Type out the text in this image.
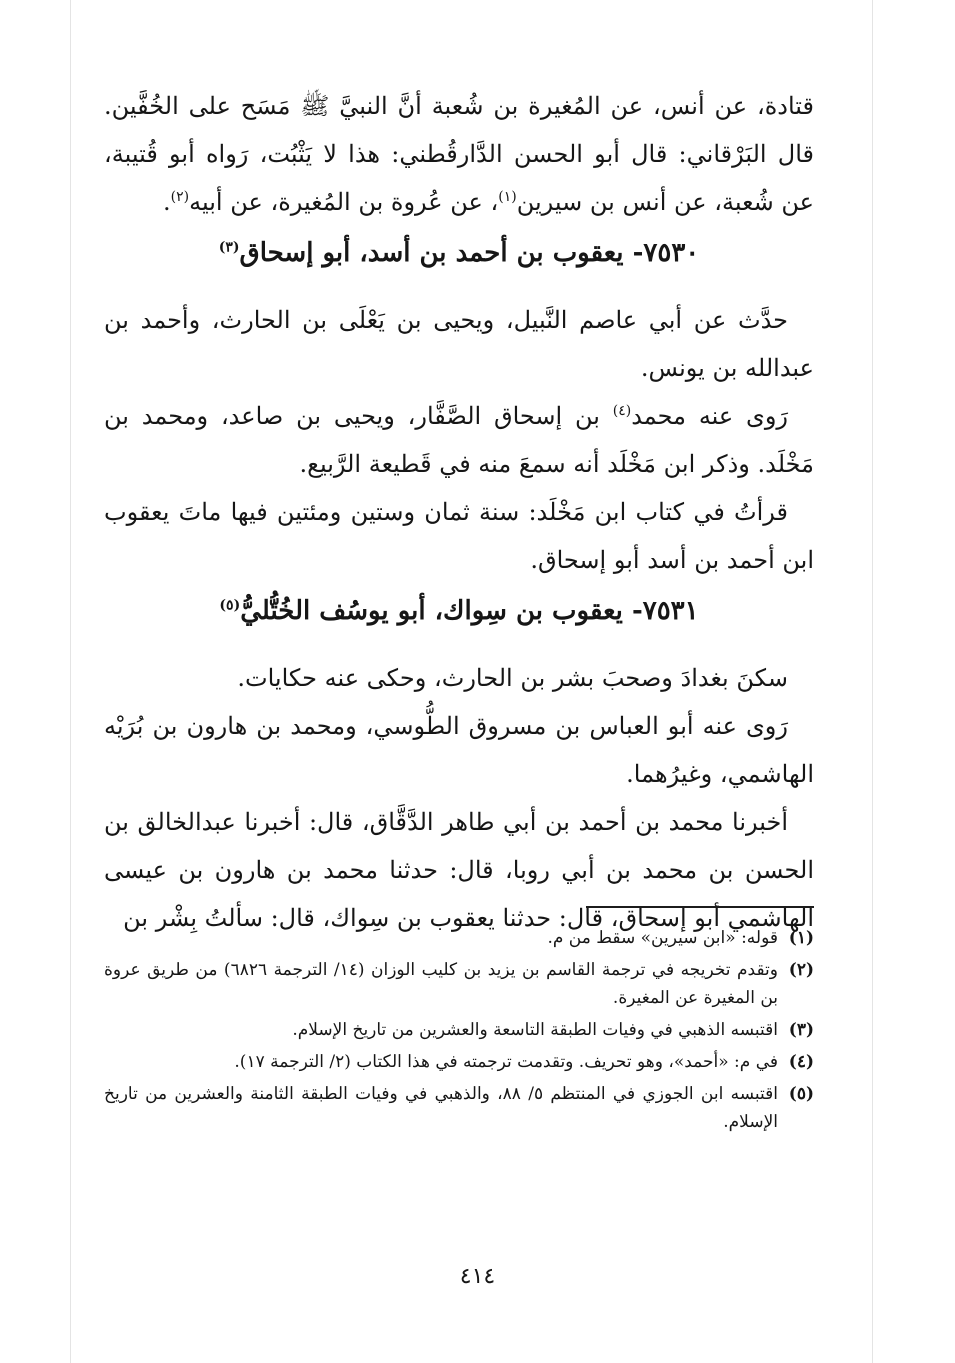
قتادة، عن أنس، عن المُغيرة بن شُعبة أنَّ النبيَّ ﷺ مَسَح على الخُفَّين. قال البَرْقاني: قال أبو الحسن الدَّارقُطني: هذا لا يَثْبُت، رَواه أبو قُتيبة، عن شُعبة، عن أنس بن سيرين$^{(١)}$، عن عُروة بن المُغيرة، عن أبيه$^{(٢)}$.

٧٥٣٠- يعقوب بن أحمد بن أسد، أبو إسحاق$^{(٣)}$

حدَّث عن أبي عاصم النَّبيل، ويحيى بن يَعْلَى بن الحارث، وأحمد بن عبدالله بن يونس.

رَوى عنه محمد$^{(٤)}$ بن إسحاق الصَّفَّار، ويحيى بن صاعد، ومحمد بن مَخْلَد. وذكر ابن مَخْلَد أنه سمعَ منه في قَطيعة الرَّبيع.

قرأتُ في كتاب ابن مَخْلَد: سنة ثمان وستين ومئتين فيها ماتَ يعقوب ابن أحمد بن أسد أبو إسحاق.

٧٥٣١- يعقوب بن سِواك، أبو يوسُف الخُتُّليُّ$^{(٥)}$

سكنَ بغدادَ وصحبَ بشر بن الحارث، وحكى عنه حكايات.

رَوى عنه أبو العباس بن مسروق الطُّوسي، ومحمد بن هارون بن بُرَيْه الهاشمي، وغيرُهما.

أخبرنا محمد بن أحمد بن أبي طاهر الدَّقَّاق، قال: أخبرنا عبدالخالق بن الحسن بن محمد بن أبي روبا، قال: حدثنا محمد بن هارون بن عيسى الهاشمي أبو إسحاق، قال: حدثنا يعقوب بن سِواك، قال: سألتُ بِشْر بن

(١)
قوله: «ابن سيرين» سقط من م.
(٢)
وتقدم تخريجه في ترجمة القاسم بن يزيد بن كليب الوزان (١٤/ الترجمة ٦٨٢٦) من طريق عروة بن المغيرة عن المغيرة.
(٣)
اقتبسه الذهبي في وفيات الطبقة التاسعة والعشرين من تاريخ الإسلام.
(٤)
في م: «أحمد»، وهو تحريف. وتقدمت ترجمته في هذا الكتاب (٢/ الترجمة ١٧).
(٥)
اقتبسه ابن الجوزي في المنتظم ٥/ ٨٨، والذهبي في وفيات الطبقة الثامنة والعشرين من تاريخ الإسلام.
٤١٤
